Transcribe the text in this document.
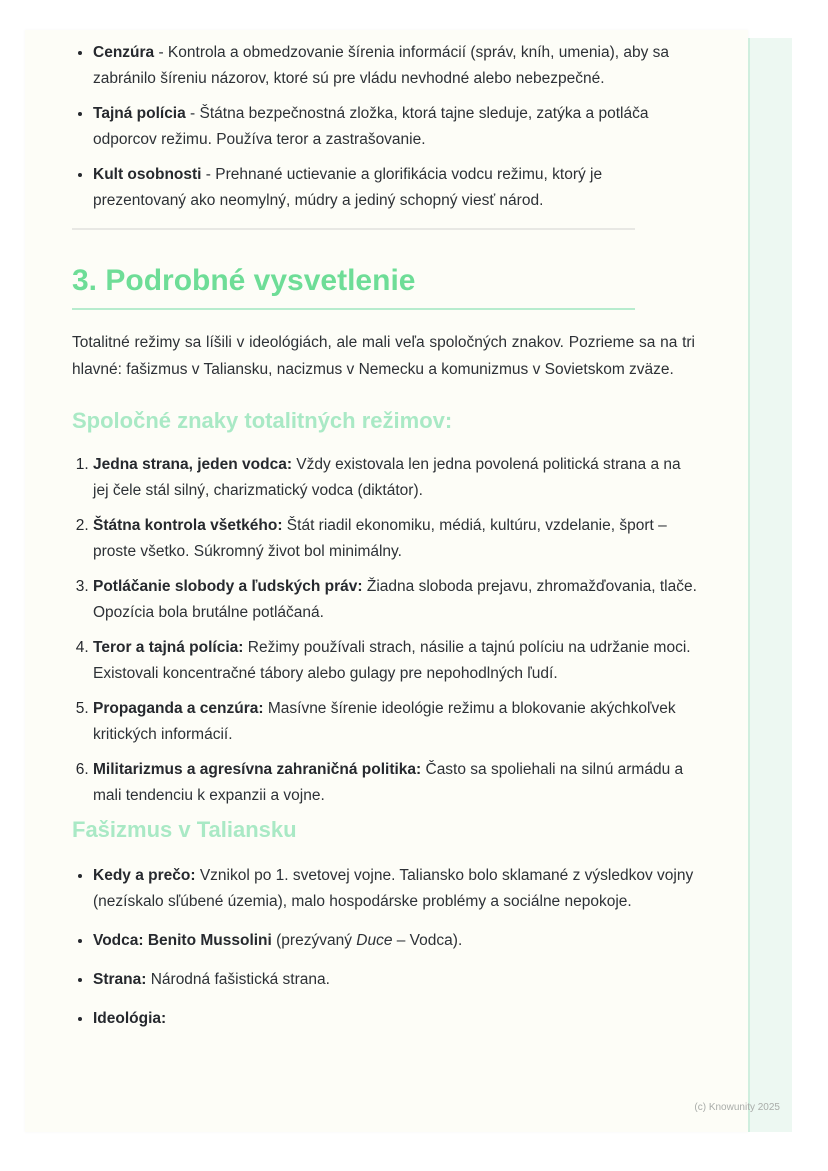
• Cenzúra - Kontrola a obmedzovanie šírenia informácií (správ, kníh, umenia), aby sa zabránilo šíreniu názorov, ktoré sú pre vládu nevhodné alebo nebezpečné.
• Tajná polícia - Štátna bezpečnostná zložka, ktorá tajne sleduje, zatýka a potláča odporcov režimu. Používa teror a zastrašovanie.
• Kult osobnosti - Prehnané uctievanie a glorifikácia vodcu režimu, ktorý je prezentovaný ako neomylný, múdry a jediný schopný viesť národ.
3. Podrobné vysvetlenie

Totalitné režimy sa líšili v ideológiách, ale mali veľa spoločných znakov. Pozrieme sa na tri hlavné: fašizmus v Taliansku, nacizmus v Nemecku a komunizmus v Sovietskom zväze.

Spoločné znaky totalitných režimov:
1. Jedna strana, jeden vodca: Vždy existovala len jedna povolená politická strana a na jej čele stál silný, charizmatický vodca (diktátor).
2. Štátna kontrola všetkého: Štát riadil ekonomiku, médiá, kultúru, vzdelanie, šport – proste všetko. Súkromný život bol minimálny.
3. Potláčanie slobody a ľudských práv: Žiadna sloboda prejavu, zhromažďovania, tlače. Opozícia bola brutálne potláčaná.
4. Teror a tajná polícia: Režimy používali strach, násilie a tajnú políciu na udržanie moci. Existovali koncentračné tábory alebo gulagy pre nepohodlných ľudí.
5. Propaganda a cenzúra: Masívne šírenie ideológie režimu a blokovanie akýchkoľvek kritických informácií.
6. Militarizmus a agresívna zahraničná politika: Často sa spoliehali na silnú armádu a mali tendenciu k expanzii a vojne.
Fašizmus v Taliansku
• Kedy a prečo: Vznikol po 1. svetovej vojne. Taliansko bolo sklamané z výsledkov vojny (nezískalo sľúbené územia), malo hospodárske problémy a sociálne nepokoje.
• Vodca: Benito Mussolini (prezývaný Duce – Vodca).
• Strana: Národná fašistická strana.
• Ideológia:
(c) Knowunity 2025
